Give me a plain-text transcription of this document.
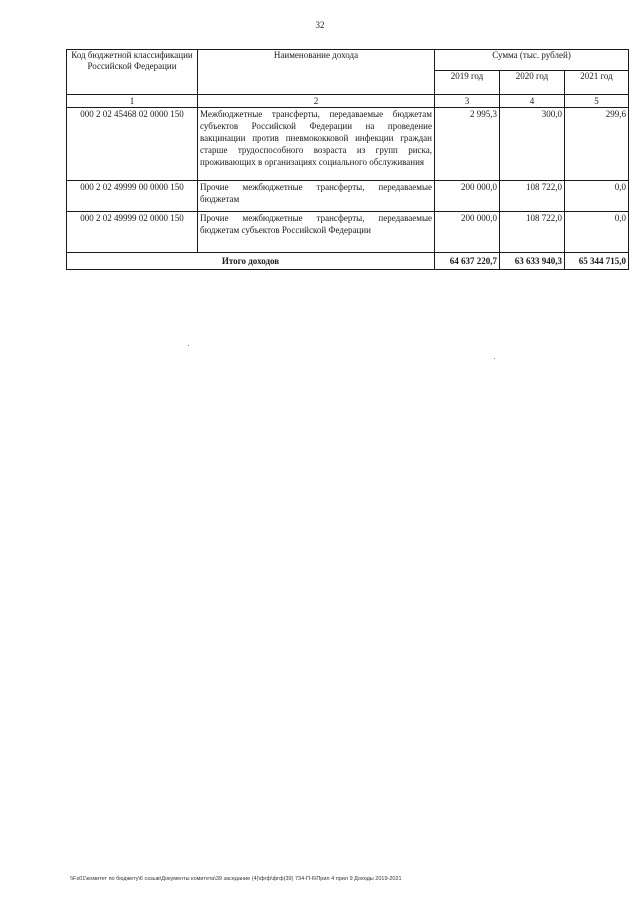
32
Код бюджетной классификации Российской Федерации	Наименование дохода	Сумма (тыс. рублей)		
		2019 год	2020 год	2021 год
1	2	3	4	5
000 2 02 45468 02 0000 150	Межбюджетные трансферты, передаваемые бюджетам субъектов Российской Федерации на проведение вакцинации против пневмококковой инфекции граждан старше трудоспособного возраста из групп риска, проживающих в организациях социального обслуживания	2 995,3	300,0	299,6
000 2 02 49999 00 0000 150	Прочие межбюджетные трансферты, передаваемые бюджетам	200 000,0	108 722,0	0,0
000 2 02 49999 02 0000 150	Прочие межбюджетные трансферты, передаваемые бюджетам субъектов Российской Федерации	200 000,0	108 722,0	0,0
Итого доходов		64 637 220,7	63 633 940,3	65 344 715,0
\\Fs01\комитет по бюджету\6 созыв\Документы комитета\39 заседание (4)\фгф\фгф(39) 734-П-6\Прил 4 прил 9 Доходы 2019-2021
